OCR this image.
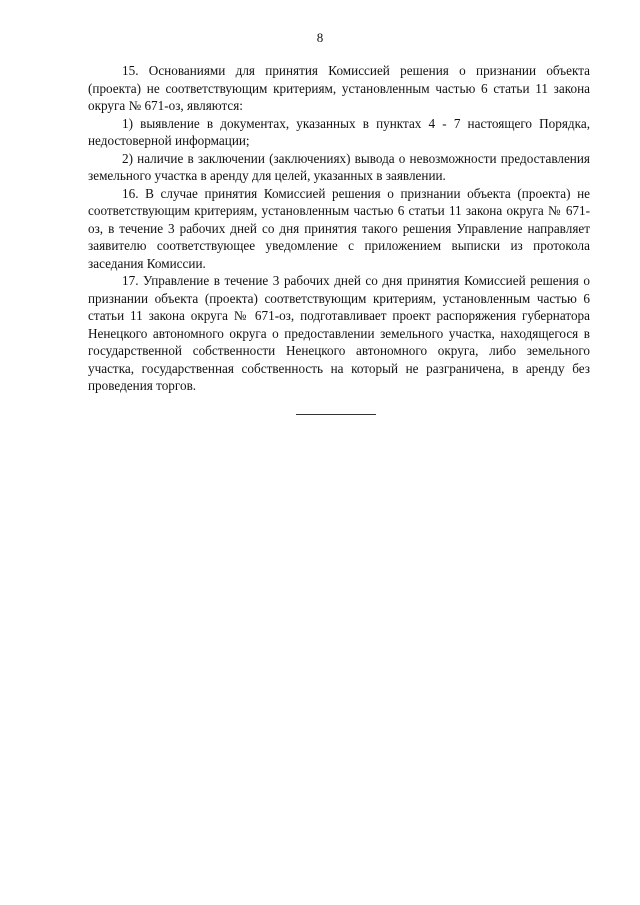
8

15. Основаниями для принятия Комиссией решения о признании объекта (проекта) не соответствующим критериям, установленным частью 6 статьи 11 закона округа № 671-оз, являются:

1) выявление в документах, указанных в пунктах 4 - 7 настоящего Порядка, недостоверной информации;

2) наличие в заключении (заключениях) вывода о невозможности предоставления земельного участка в аренду для целей, указанных в заявлении.

16. В случае принятия Комиссией решения о признании объекта (проекта) не соответствующим критериям, установленным частью 6 статьи 11 закона округа № 671-оз, в течение 3 рабочих дней со дня принятия такого решения Управление направляет заявителю соответствующее уведомление с приложением выписки из протокола заседания Комиссии.

17. Управление в течение 3 рабочих дней со дня принятия Комиссией решения о признании объекта (проекта) соответствующим критериям, установленным частью 6 статьи 11 закона округа № 671-оз, подготавливает проект распоряжения губернатора Ненецкого автономного округа о предоставлении земельного участка, находящегося в государственной собственности Ненецкого автономного округа, либо земельного участка, государственная собственность на который не разграничена, в аренду без проведения торгов.
